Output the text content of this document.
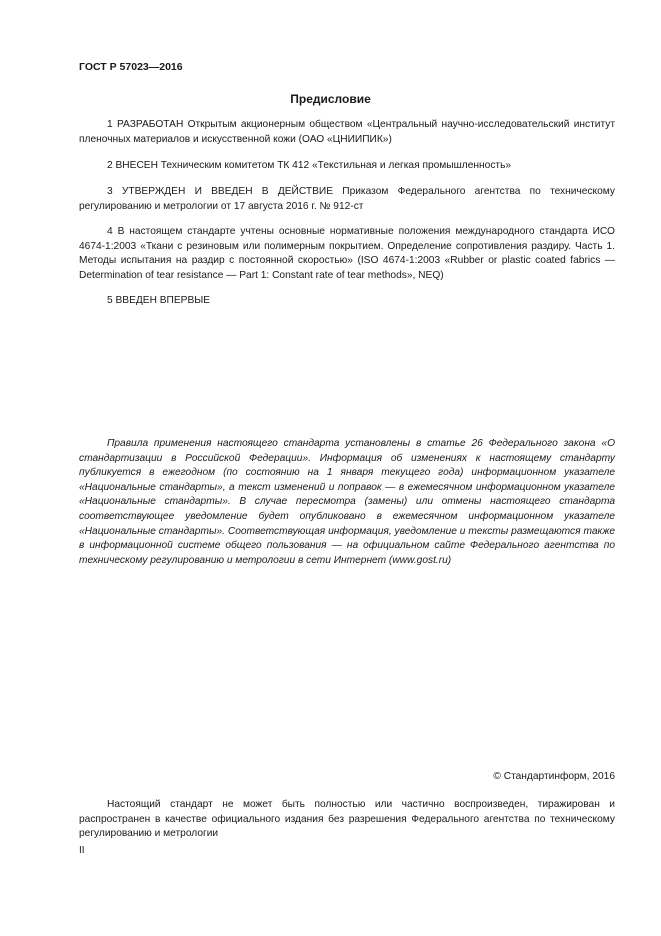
ГОСТ Р 57023—2016
Предисловие

1 РАЗРАБОТАН Открытым акционерным обществом «Центральный научно-исследовательский институт пленочных материалов и искусственной кожи (ОАО «ЦНИИПИК»)

2 ВНЕСЕН Техническим комитетом ТК 412 «Текстильная и легкая промышленность»

3 УТВЕРЖДЕН И ВВЕДЕН В ДЕЙСТВИЕ Приказом Федерального агентства по техническому регулированию и метрологии от 17 августа 2016 г. № 912-ст

4 В настоящем стандарте учтены основные нормативные положения международного стандарта ИСО 4674-1:2003 «Ткани с резиновым или полимерным покрытием. Определение сопротивления раздиру. Часть 1. Методы испытания на раздир с постоянной скоростью» (ISO 4674-1:2003 «Rubber or plastic coated fabrics — Determination of tear resistance — Part 1: Constant rate of tear methods», NEQ)

5 ВВЕДЕН ВПЕРВЫЕ

Правила применения настоящего стандарта установлены в статье 26 Федерального закона «О стандартизации в Российской Федерации». Информация об изменениях к настоящему стандарту публикуется в ежегодном (по состоянию на 1 января текущего года) информационном указателе «Национальные стандарты», а текст изменений и поправок — в ежемесячном информационном указателе «Национальные стандарты». В случае пересмотра (замены) или отмены настоящего стандарта соответствующее уведомление будет опубликовано в ежемесячном информационном указателе «Национальные стандарты». Соответствующая информация, уведомление и тексты размещаются также в информационной системе общего пользования — на официальном сайте Федерального агентства по техническому регулированию и метрологии в сети Интернет (www.gost.ru)

© Стандартинформ, 2016

Настоящий стандарт не может быть полностью или частично воспроизведен, тиражирован и распространен в качестве официального издания без разрешения Федерального агентства по техническому регулированию и метрологии

II
